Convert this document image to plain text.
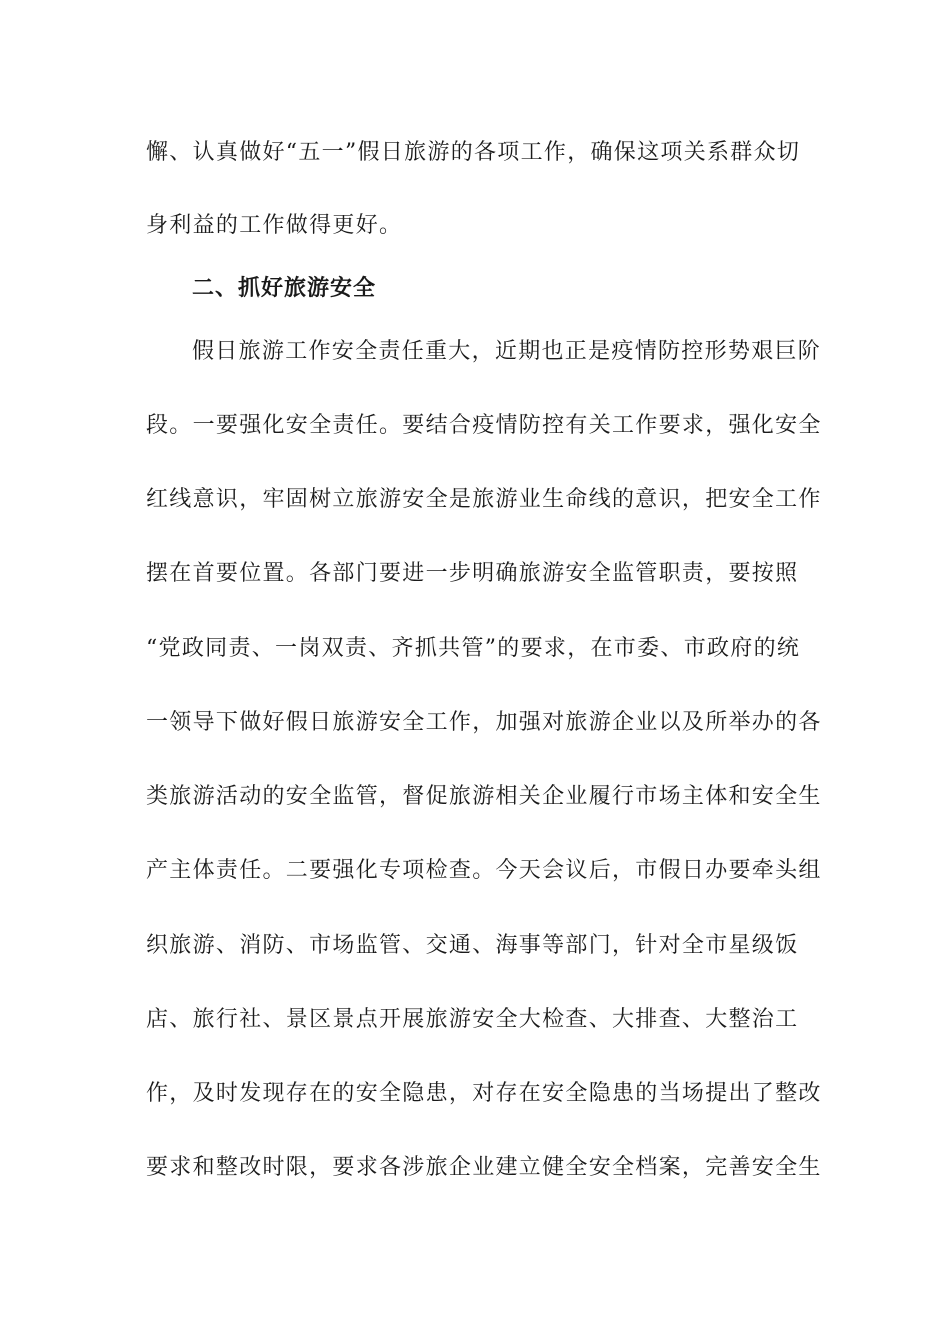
懈、认真做好“五一”假日旅游的各项工作，确保这项关系群众切
身利益的工作做得更好。
二、抓好旅游安全
假日旅游工作安全责任重大，近期也正是疫情防控形势艰巨阶
段。一要强化安全责任。要结合疫情防控有关工作要求，强化安全
红线意识，牢固树立旅游安全是旅游业生命线的意识，把安全工作
摆在首要位置。各部门要进一步明确旅游安全监管职责，要按照
“党政同责、一岗双责、齐抓共管”的要求，在市委、市政府的统
一领导下做好假日旅游安全工作，加强对旅游企业以及所举办的各
类旅游活动的安全监管，督促旅游相关企业履行市场主体和安全生
产主体责任。二要强化专项检查。今天会议后，市假日办要牵头组
织旅游、消防、市场监管、交通、海事等部门，针对全市星级饭
店、旅行社、景区景点开展旅游安全大检查、大排查、大整治工
作，及时发现存在的安全隐患，对存在安全隐患的当场提出了整改
要求和整改时限，要求各涉旅企业建立健全安全档案，完善安全生
